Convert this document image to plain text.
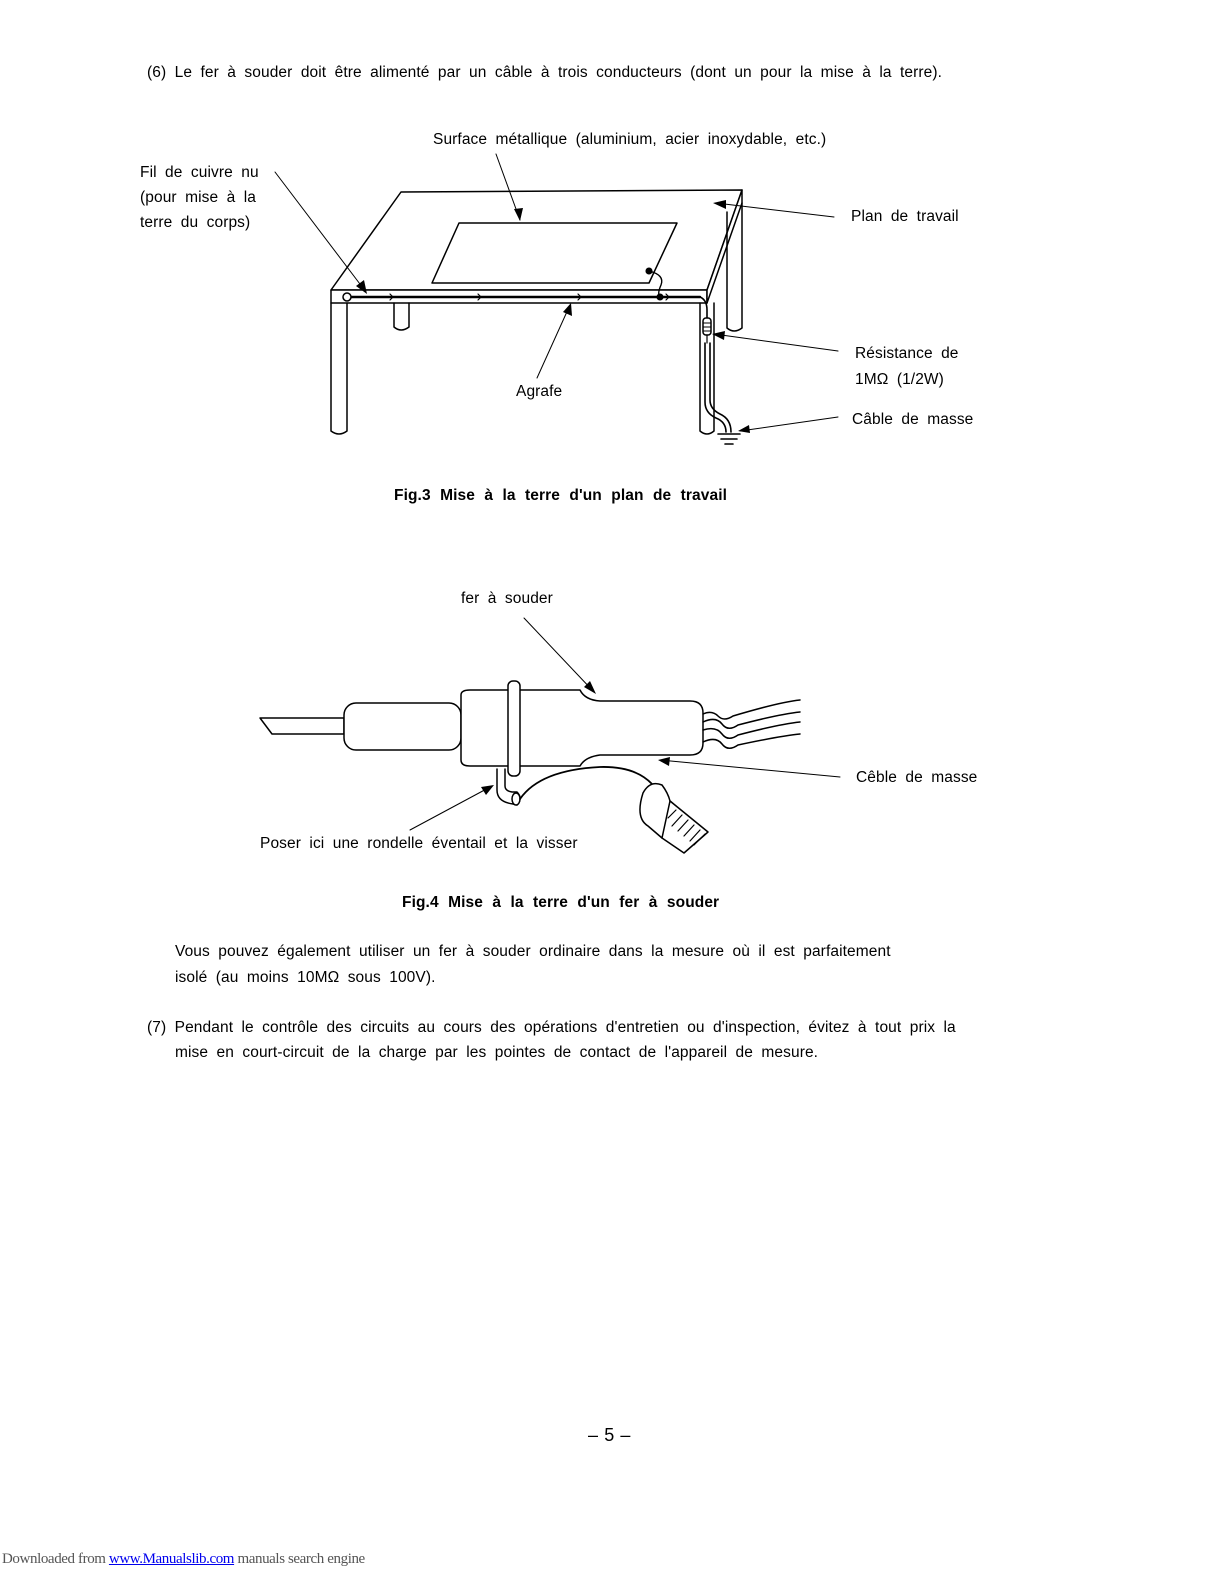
(6) Le fer à souder doit être alimenté par un câble à trois conducteurs (dont un pour la mise à la terre).
Surface métallique (aluminium, acier inoxydable, etc.)
Fil de cuivre nu
(pour mise à la
terre du corps)	Plan de travail
Résistance de
1MΩ (1/2W)
Agrafe
Câble de masse
Fig.3 Mise à la terre d'un plan de travail
fer à souder
Cêble de masse
Poser ici une rondelle éventail et la visser
Fig.4 Mise à la terre d'un fer à souder
Vous pouvez également utiliser un fer à souder ordinaire dans la mesure où il est parfaitement
isolé (au moins 10MΩ sous 100V).
(7) Pendant le contrôle des circuits au cours des opérations d'entretien ou d'inspection, évitez à tout prix la
mise en court-circuit de la charge par les pointes de contact de l'appareil de mesure.
– 5 –
Downloaded from www.Manualslib.com manuals search engine
